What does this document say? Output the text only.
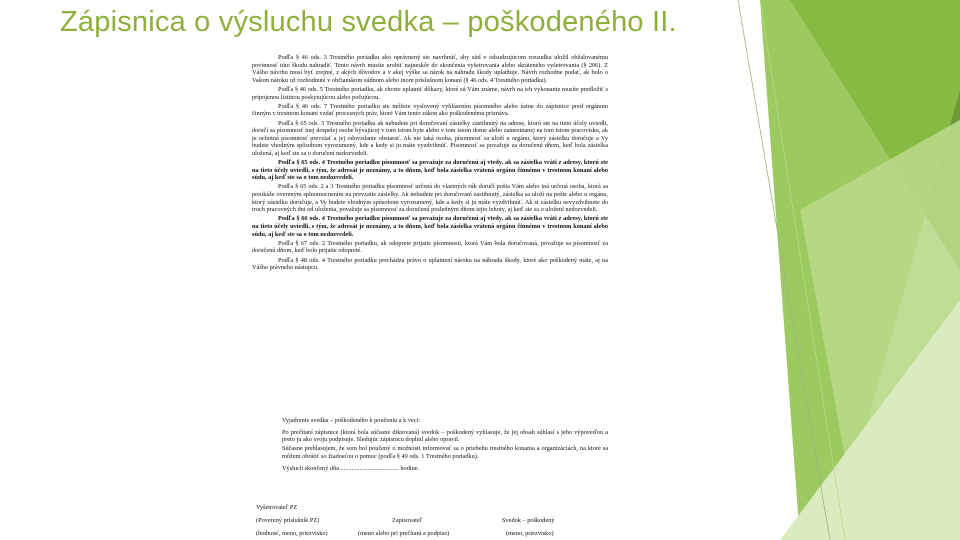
Zápisnica o výsluchu svedka – poškodeného II.

Podľa § 46 ods. 3 Trestného poriadku ako oprávnený ste navrhnúť, aby súd v odsudzujúcom rozsudku uložil obžalovanému povinnosť túto škodu nahradiť. Tento návrh musíte urobiť najneskôr do skončenia vyšetrovania alebo skráteného vyšetrovania (§ 206). Z Vášho návrhu musí byť zrejmé, z akých dôvodov a v akej výške sa nárok na náhradu škody uplatňuje. Návrh rozhodne podať, ak bolo o Vašom nároku už rozhodnuté v občianskom súdnom alebo inom príslušnom konaní (§ 46 ods. 4 Trestného poriadku).

Podľa § 46 ods. 5 Trestného poriadku, ak chcete uplatniť dôkazy, ktoré sú Vám známe, návrh na ich vykonanie musíte predložiť s pripojenou listinou poskytujúcou alebo počujúcou.

Podľa § 46 ods. 7 Trestného poriadku ste môžete vyslovený vyhlásením písomného alebo ústne do zápisnice pred orgánom činným v trestnom konaní vzdať procesných práv, ktoré Vám tento zákon ako poškodenému priznáva.

Podľa § 65 ods. 3 Trestného poriadku ak nebudete pri doručovaní zásielky zastihnutý na adrese, ktorú ste na tieto účely uviedli, doručí sa písomnosť inej dospelej osobe bývajúcej v tom istom byte alebo v tom istom dome alebo zamestnanej na tom istom pracovisku, ak je ochotná písomnosť prevziať a jej odovzdanie obstarať. Ak nie taká osoba, písomnosť sa uloží u orgánu, ktorý zásielku doručuje a Vy budete vhodným spôsobom vyrozumený, kde a kedy si ju máte vyzdvihnúť. Písomnosť sa považuje za doručenú dňom, keď bola zásielka uložená, aj keď ste sa o doručení nedozvedeli.

Podľa § 65 ods. 4 Trestného poriadku písomnosť sa považuje za doručenú aj vtedy, ak sa zásielka vráti z adresy, ktorú ste na tieto účely uviedli, s tým, že adresát je neznámy, a to dňom, keď bola zásielka vrátená orgánu činnému v trestnom konaní alebo súdu, aj keď ste sa o tom nedozvedeli.

Podľa § 65 ods. 2 a 3 Trestného poriadku písomnosť určená do vlastných rúk doručí pošta Vám alebo iná určená osoba, ktorá sa preukáže overeným splnomocnením na prevzatie zásielky. Ak nebudete pri doručovaní zastihnutý, zásielka sa uloží na pošte alebo u orgánu, ktorý zásielku doručuje, a Vy budete vhodným spôsobom vyrozumený, kde a kedy si ju máte vyzdvihnúť. Ak si zásielku nevyzdvihnete do troch pracovných dní od uloženia, považuje sa písomnosť za doručenú posledným dňom tejto lehoty, aj keď ste sa o uložení nedozvedeli.

Podľa § 66 ods. 4 Trestného poriadku písomnosť sa považuje za doručenú aj vtedy, ak sa zásielka vráti z adresy, ktorú ste na tieto účely uviedli, s tým, že adresát je neznámy, a to dňom, keď bola zásielka vrátená orgánu činnému v trestnom konaní alebo súdu, aj keď ste sa o tom nedozvedeli.

Podľa § 67 ods. 2 Trestného poriadku, ak odoprete prijatie písomnosti, ktorá Vám bola doručovaná, považuje sa písomnosť za doručenú dňom, keď bolo prijatie odopreté.

Podľa § 48 ods. 4 Trestného poriadku prechádza právo o uplatnení nároku na náhradu škody, ktoré ako poškodený máte, aj na Vášho právneho nástupcu.

Vyjadrenie svedka – poškodeného k poučeniu a k veci:

Po prečítaní zápisnice (ktorá bola súčasne diktovaná) svedok – poškodený vyhlasuje, že jej obsah súhlasí s jeho výpoveďou a preto ju ako svoju podpisuje. Sledujúc zápisnicu doplnil alebo opravil.

Súčasne prehlasujem, že som bol poučený o možnosti informovať sa o priebehu trestného konania a organizáciách, na ktoré sa môžem obrátiť so žiadosťou o pomoc (podľa § 49 ods. 1 Trestného poriadku).

Výsluch skončený dňa ..................................... hodine.

Vyšetrovateľ PZ
(Poverený príslušník PZ)
(hodnosť, meno, priezvisko)
Zapisovateľ
(meno alebo pri prečítaní a podpise)
Svedok – poškodený
(meno, priezvisko)
